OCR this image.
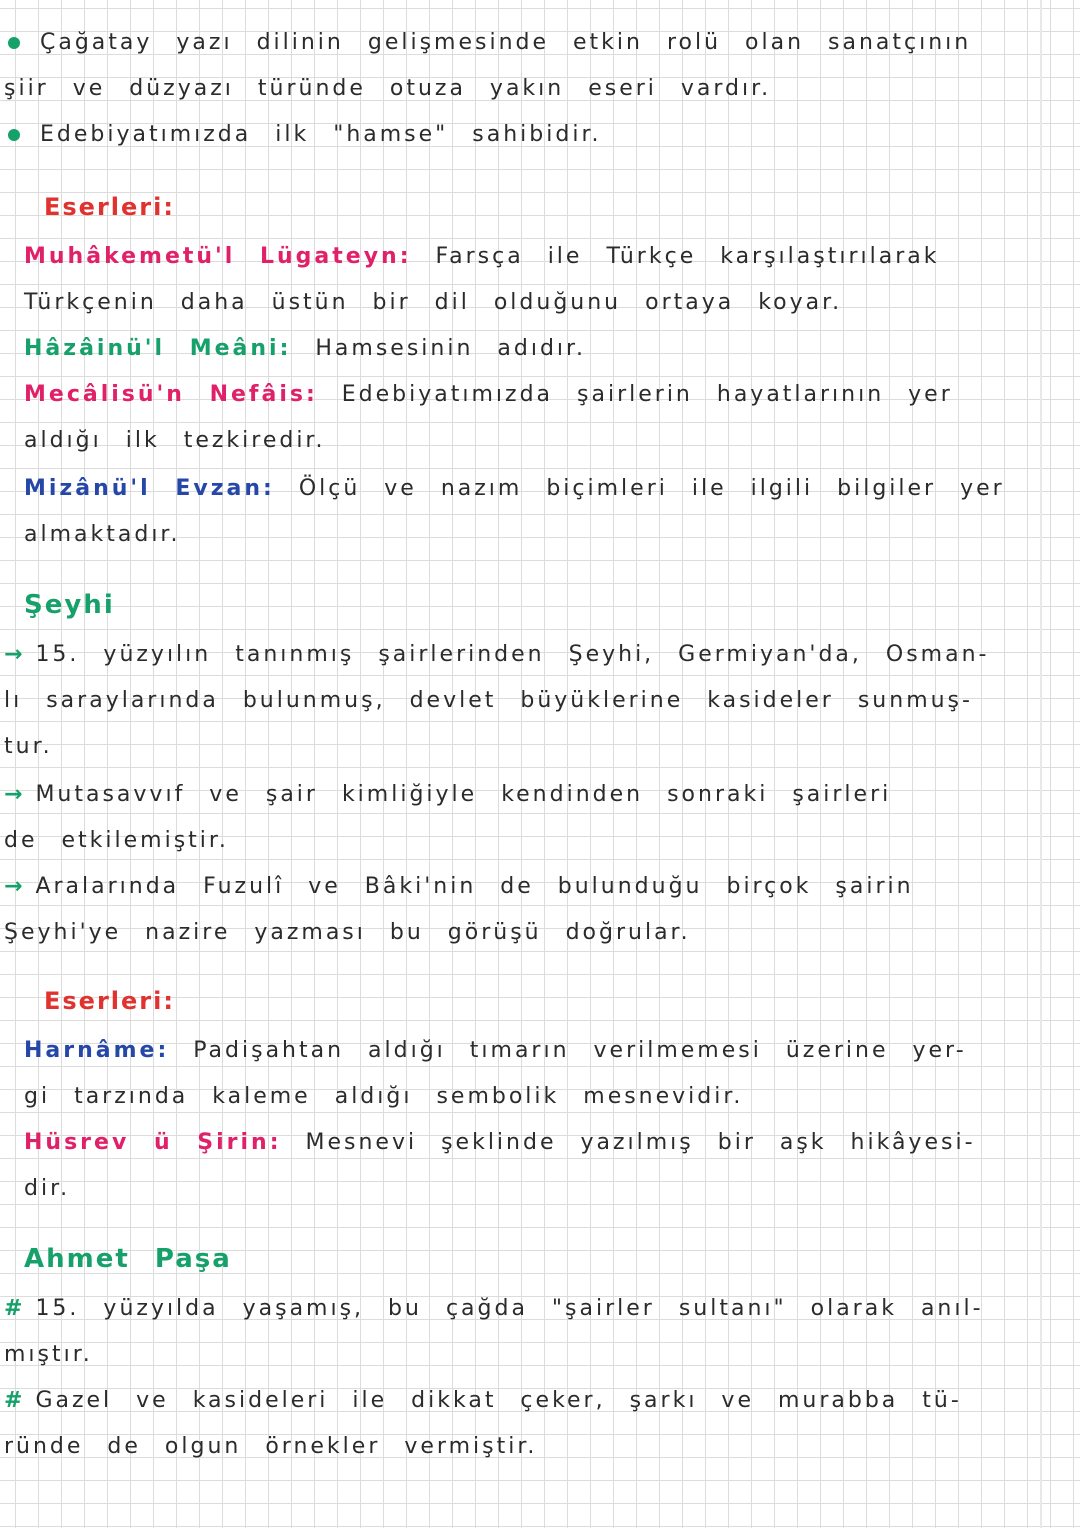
Çağatay yazı dilinin gelişmesinde etkin rolü olan sanatçının
şiir ve düzyazı türünde otuza yakın eseri vardır.
Edebiyatımızda ilk "hamse" sahibidir.
Eserleri:
Muhâkemetü'l Lügateyn: Farsça ile Türkçe karşılaştırılarak
Türkçenin daha üstün bir dil olduğunu ortaya koyar.
Hâzâinü'l Meâni: Hamsesinin adıdır.
Mecâlisü'n Nefâis: Edebiyatımızda şairlerin hayatlarının yer
aldığı ilk tezkiredir.
Mizânü'l Evzan: Ölçü ve nazım biçimleri ile ilgili bilgiler yer
almaktadır.
Şeyhi
→ 15. yüzyılın tanınmış şairlerinden Şeyhi, Germiyan'da, Osman-
lı saraylarında bulunmuş, devlet büyüklerine kasideler sunmuş-
tur.
→ Mutasavvıf ve şair kimliğiyle kendinden sonraki şairleri
de etkilemiştir.
→ Aralarında Fuzulî ve Bâki'nin de bulunduğu birçok şairin
Şeyhi'ye nazire yazması bu görüşü doğrular.
Eserleri:
Harnâme: Padişahtan aldığı tımarın verilmemesi üzerine yer-
gi tarzında kaleme aldığı sembolik mesnevidir.
Hüsrev ü Şirin: Mesnevi şeklinde yazılmış bir aşk hikâyesi-
dir.
Ahmet Paşa
# 15. yüzyılda yaşamış, bu çağda "şairler sultanı" olarak anıl-
mıştır.
# Gazel ve kasideleri ile dikkat çeker, şarkı ve murabba tü-
ründe de olgun örnekler vermiştir.
